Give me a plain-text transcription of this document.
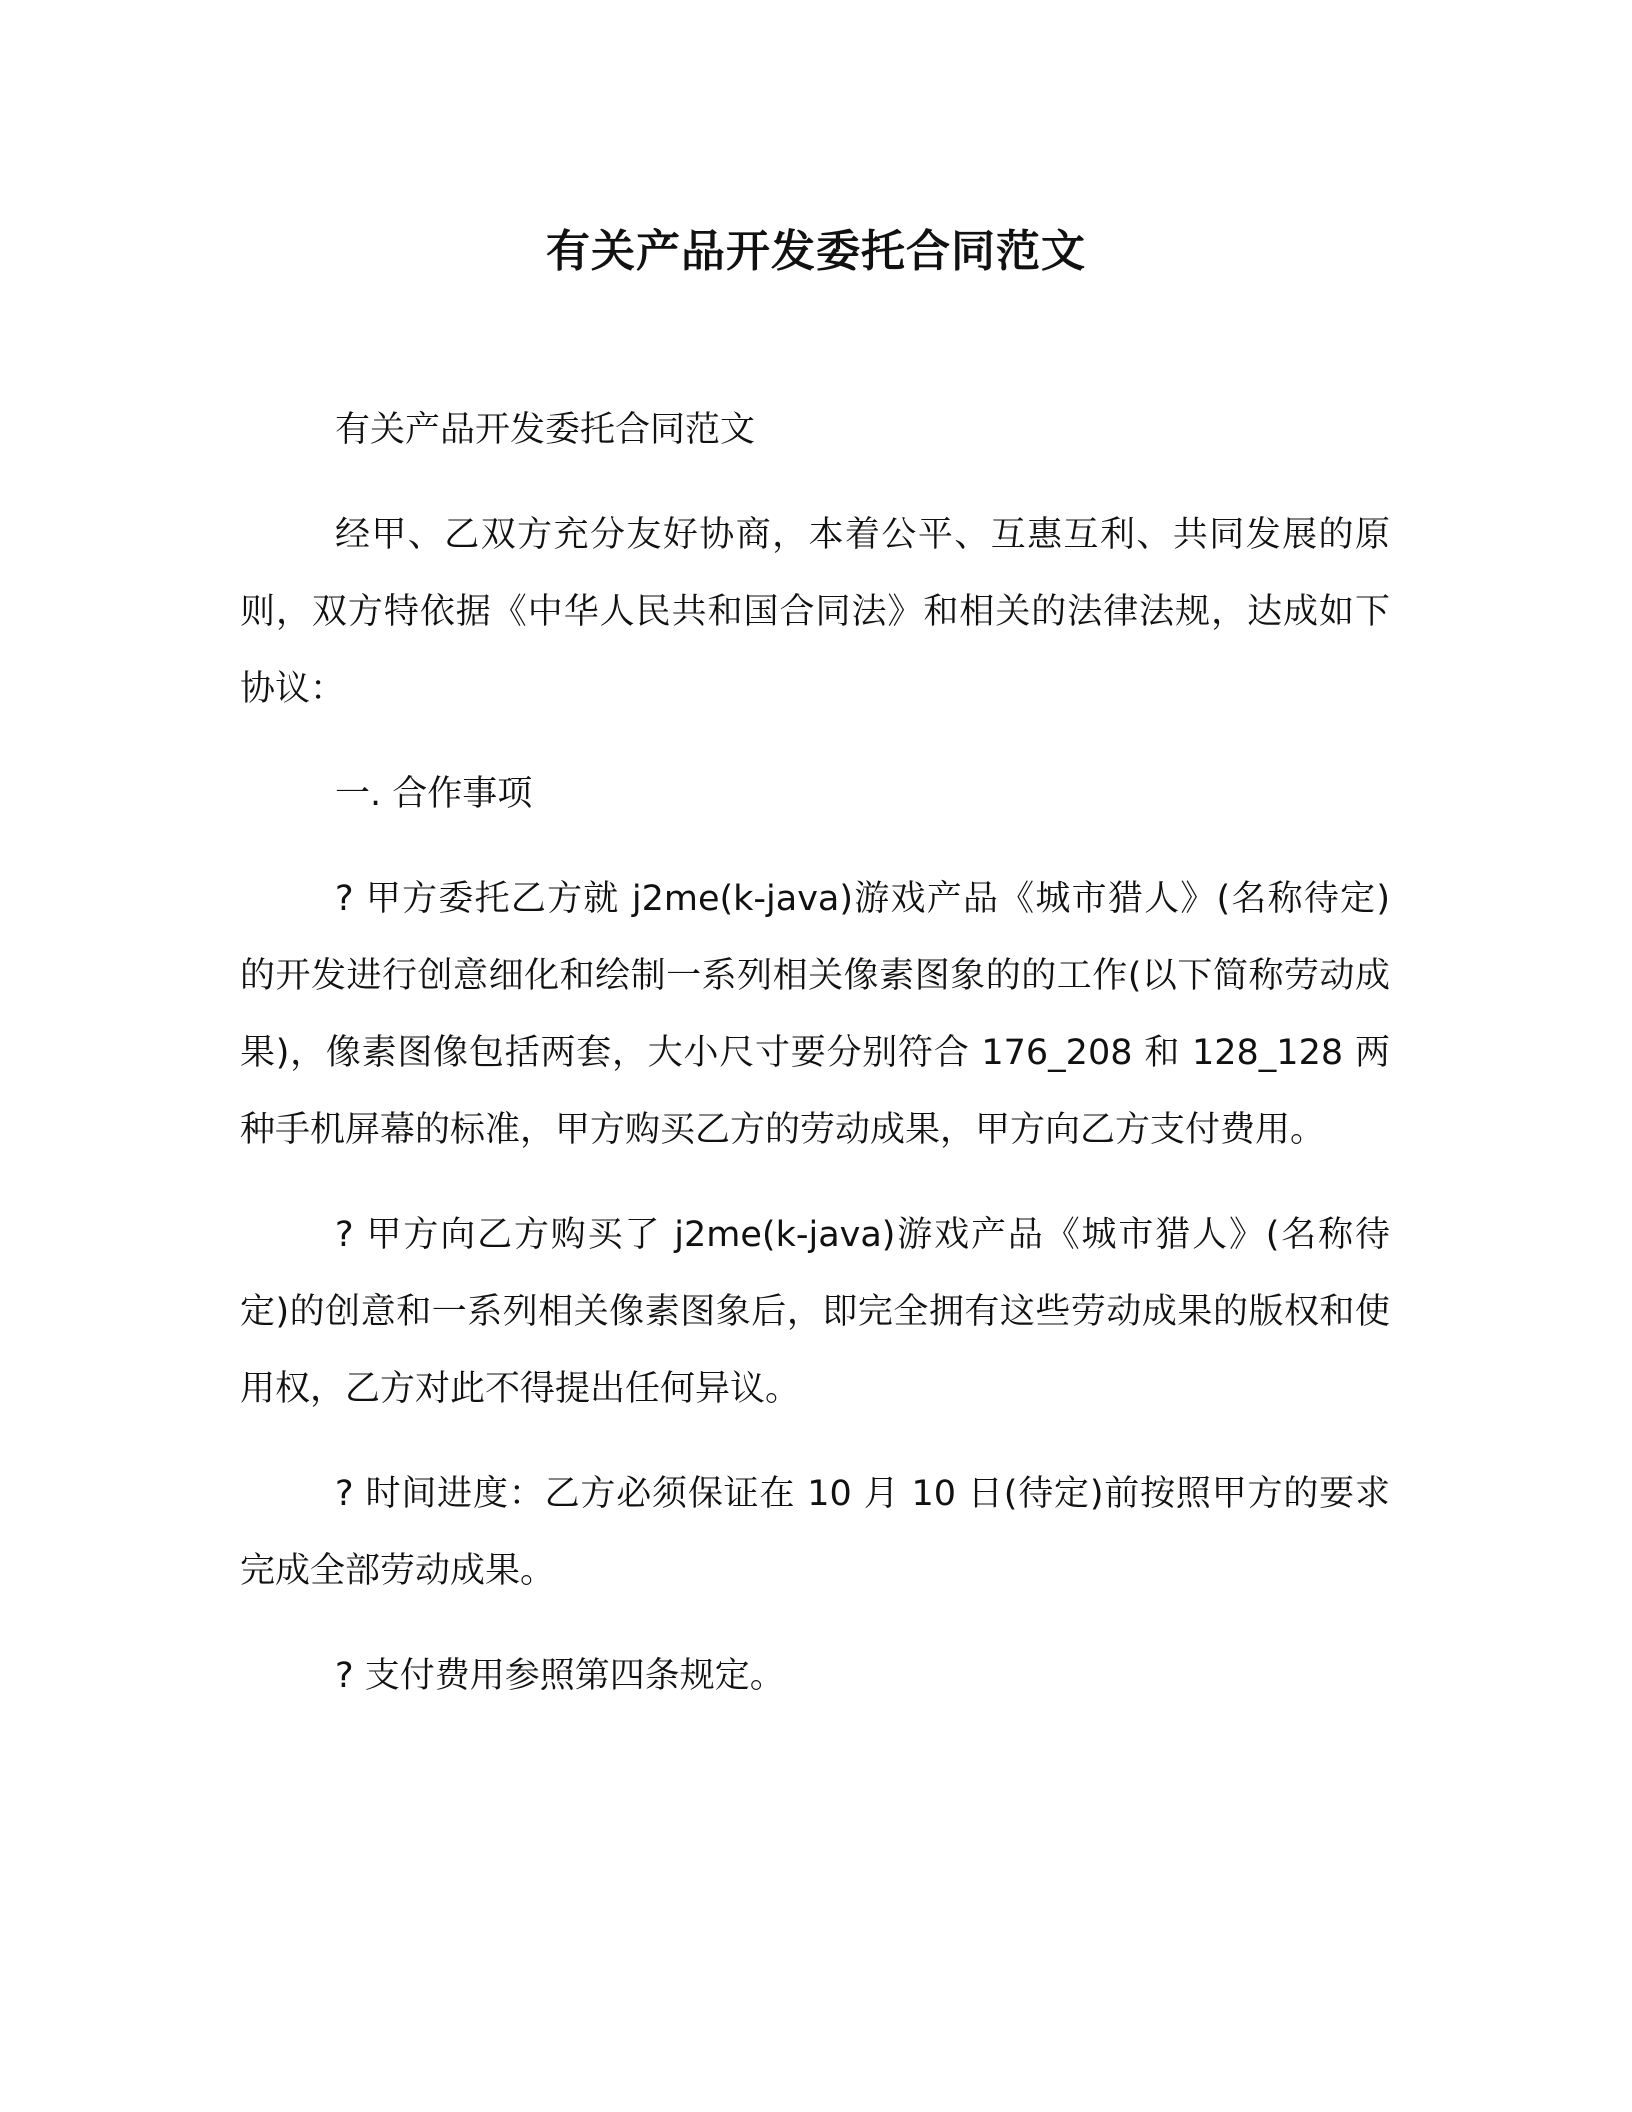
有关产品开发委托合同范文

有关产品开发委托合同范文

经甲、乙双方充分友好协商，本着公平、互惠互利、共同发展的原则，双方特依据《中华人民共和国合同法》和相关的法律法规，达成如下协议：

一. 合作事项

? 甲方委托乙方就 j2me(k-java)游戏产品《城市猎人》(名称待定)的开发进行创意细化和绘制一系列相关像素图象的的工作(以下简称劳动成果)，像素图像包括两套，大小尺寸要分别符合 176_208 和 128_128 两种手机屏幕的标准，甲方购买乙方的劳动成果，甲方向乙方支付费用。

? 甲方向乙方购买了 j2me(k-java)游戏产品《城市猎人》(名称待定)的创意和一系列相关像素图象后，即完全拥有这些劳动成果的版权和使用权，乙方对此不得提出任何异议。

? 时间进度：乙方必须保证在 10 月 10 日(待定)前按照甲方的要求完成全部劳动成果。

? 支付费用参照第四条规定。
